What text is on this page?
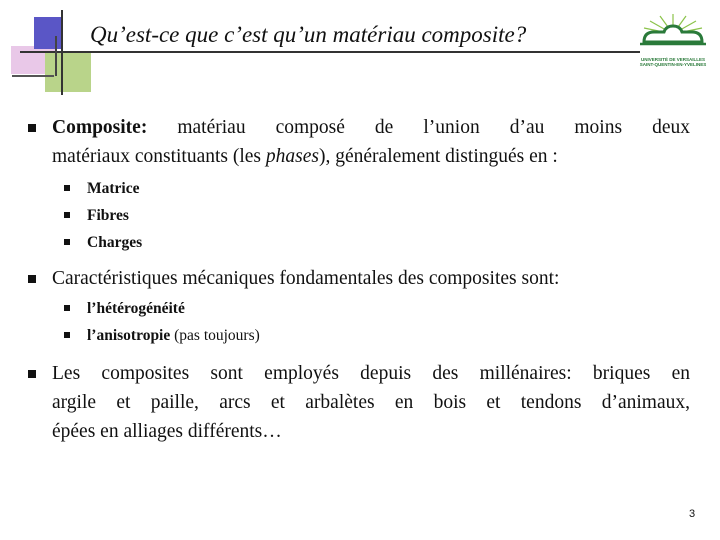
Qu’est-ce que c’est qu’un matériau composite?
UNIVERSITÉ DE VERSAILLES
SAINT-QUENTIN-EN-YVELINES
Composite: matériau composé de l’union d’au moins deux
matériaux constituants (les phases), généralement distingués en :
Matrice
Fibres
Charges
Caractéristiques mécaniques fondamentales des composites sont:
l’hétérogénéité
l’anisotropie (pas toujours)
Les composites sont employés depuis des millénaires: briques en
argile et paille, arcs et arbalètes en bois et tendons d’animaux,
épées en alliages différents…
3
